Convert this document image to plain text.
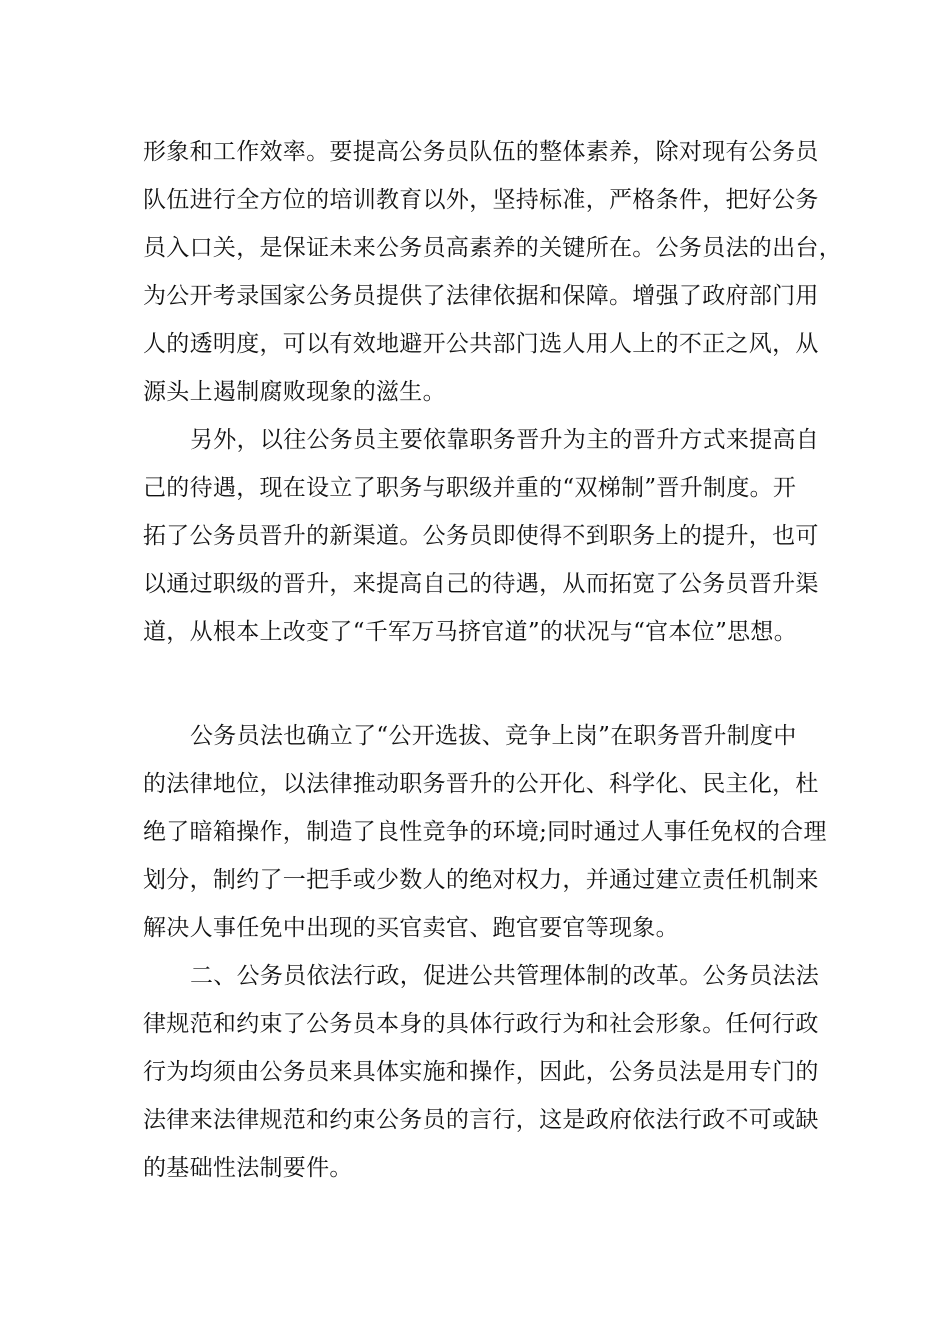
形象和工作效率。要提高公务员队伍的整体素养，除对现有公务员

队伍进行全方位的培训教育以外，坚持标准，严格条件，把好公务

员入口关，是保证未来公务员高素养的关键所在。公务员法的出台，

为公开考录国家公务员提供了法律依据和保障。增强了政府部门用

人的透明度，可以有效地避开公共部门选人用人上的不正之风，从

源头上遏制腐败现象的滋生。

另外，以往公务员主要依靠职务晋升为主的晋升方式来提高自

己的待遇，现在设立了职务与职级并重的“双梯制”晋升制度。开

拓了公务员晋升的新渠道。公务员即使得不到职务上的提升，也可

以通过职级的晋升，来提高自己的待遇，从而拓宽了公务员晋升渠

道，从根本上改变了“千军万马挤官道”的状况与“官本位”思想。

公务员法也确立了“公开选拔、竞争上岗”在职务晋升制度中

的法律地位，以法律推动职务晋升的公开化、科学化、民主化，杜

绝了暗箱操作，制造了良性竞争的环境;同时通过人事任免权的合理

划分，制约了一把手或少数人的绝对权力，并通过建立责任机制来

解决人事任免中出现的买官卖官、跑官要官等现象。

二、公务员依法行政，促进公共管理体制的改革。公务员法法

律规范和约束了公务员本身的具体行政行为和社会形象。任何行政

行为均须由公务员来具体实施和操作，因此，公务员法是用专门的

法律来法律规范和约束公务员的言行，这是政府依法行政不可或缺

的基础性法制要件。
